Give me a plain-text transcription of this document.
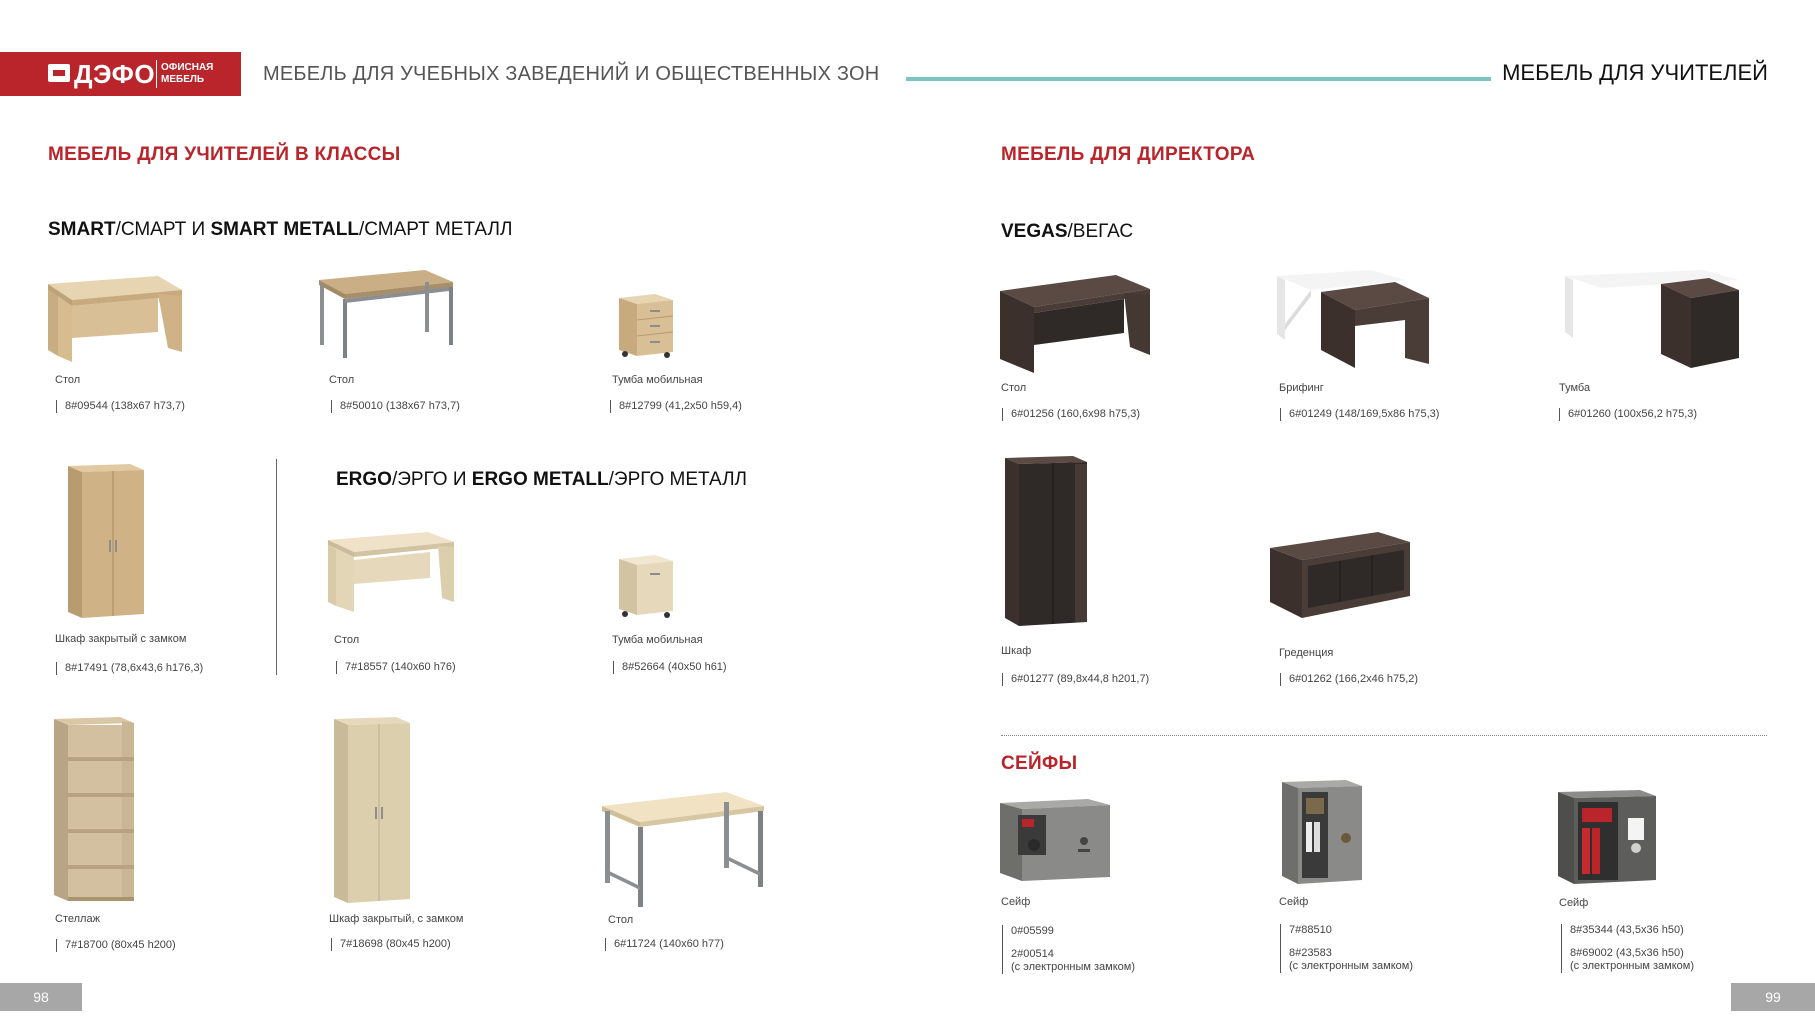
ДЭФО ОФИСНАЯ МЕБЕЛЬ	МЕБЕЛЬ ДЛЯ УЧЕБНЫХ ЗАВЕДЕНИЙ И ОБЩЕСТВЕННЫХ ЗОН	МЕБЕЛЬ ДЛЯ УЧИТЕЛЕЙ
МЕБЕЛЬ ДЛЯ УЧИТЕЛЕЙ В КЛАССЫ
SMART/СМАРТ И SMART METALL/СМАРТ МЕТАЛЛ
Стол
8#09544 (138х67 h73,7)
Стол
8#50010 (138х67 h73,7)
Тумба мобильная
8#12799 (41,2х50 h59,4)
Шкаф закрытый с замком
8#17491 (78,6х43,6 h176,3)
ERGO/ЭРГО И ERGO METALL/ЭРГО МЕТАЛЛ
Стол
7#18557 (140х60 h76)
Тумба мобильная
8#52664 (40х50 h61)
Стеллаж
7#18700 (80х45 h200)
Шкаф закрытый, с замком
7#18698 (80х45 h200)
Стол
6#11724 (140х60 h77)
98
МЕБЕЛЬ ДЛЯ ДИРЕКТОРА
VEGAS/ВЕГАС
Стол
6#01256 (160,6х98 h75,3)
Брифинг
6#01249 (148/169,5х86 h75,3)
Тумба
6#01260 (100х56,2 h75,3)
Шкаф
6#01277 (89,8х44,8 h201,7)
Греденция
6#01262 (166,2х46 h75,2)
СЕЙФЫ
Сейф
0#05599
2#00514
(с электронным замком)
Сейф
7#88510
8#23583
(с электронным замком)
Сейф
8#35344 (43,5х36 h50)
8#69002 (43,5х36 h50)
(с электронным замком)
99
